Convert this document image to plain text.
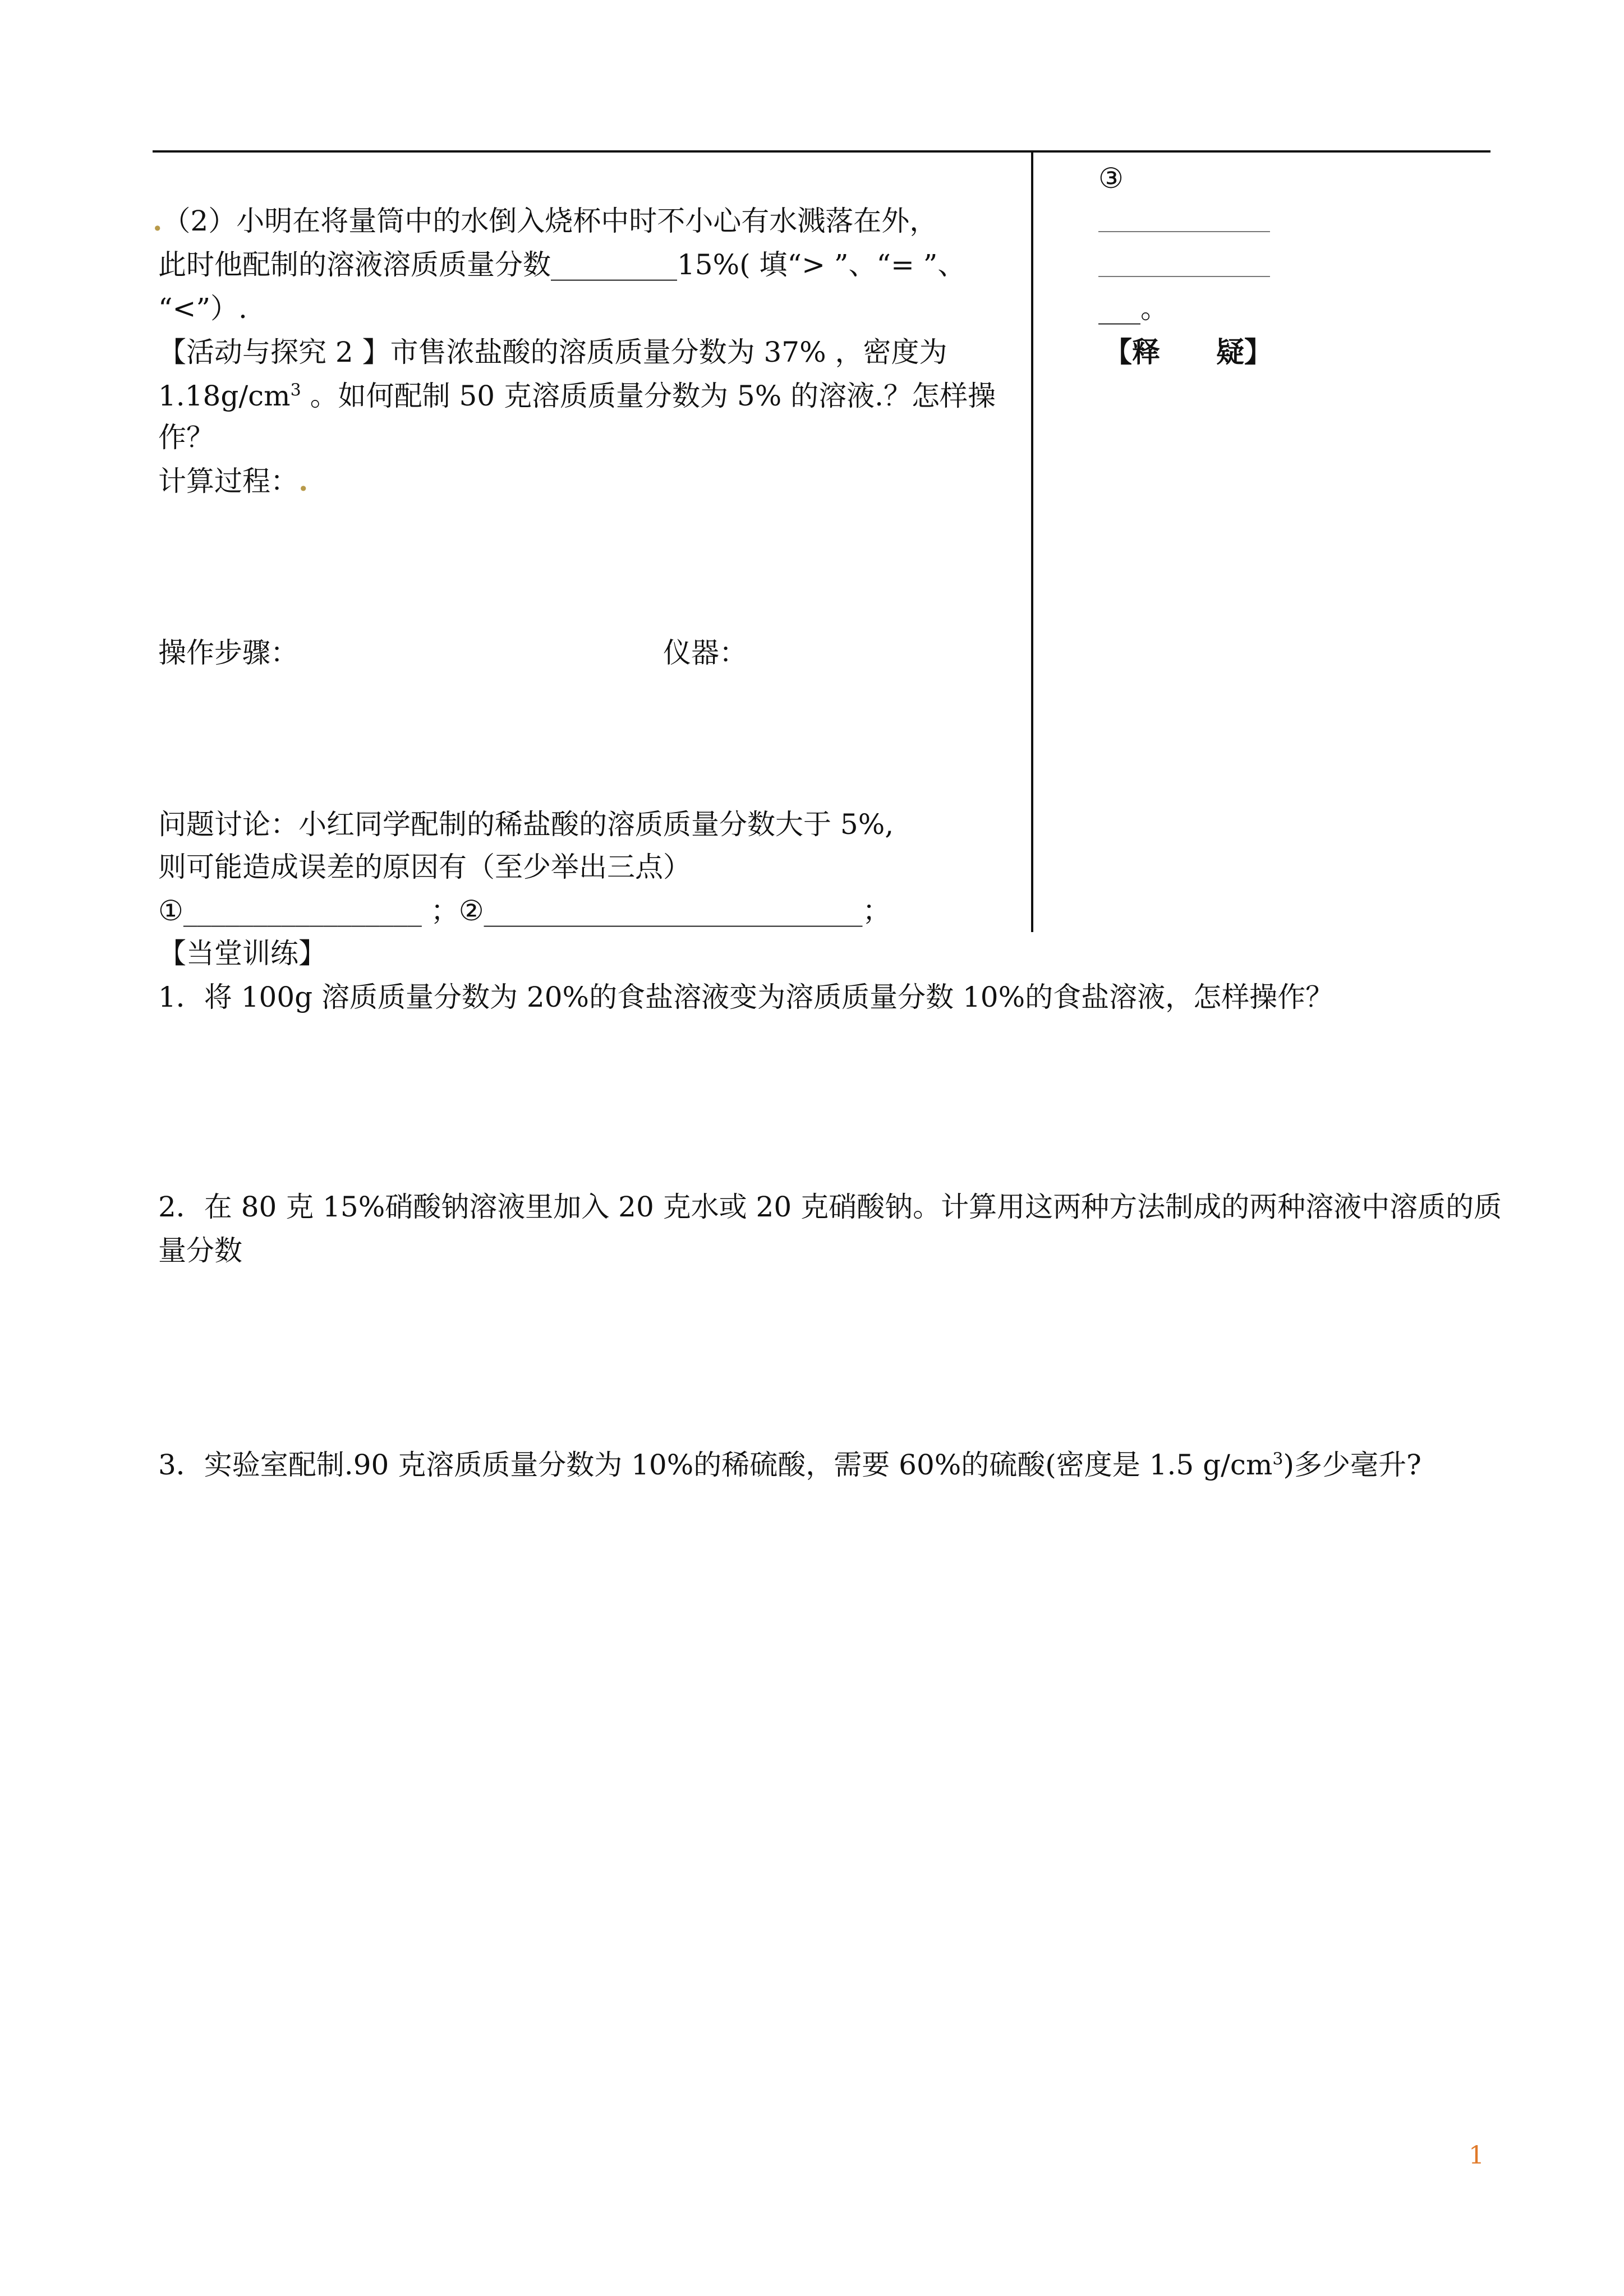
.（2）小明在将量筒中的水倒入烧杯中时不小心有水溅落在外，
此时他配制的溶液溶质质量分数_________15%( 填“> ”、“= ”、
“<”）.
【活动与探究 2 】市售浓盐酸的溶质质量分数为 37% ，密度为
$1.18g/cm^3$ 。如何配制 50 克溶质质量分数为 5% 的溶液.？怎样操
作？
计算过程：.
操作步骤：	仪器：
问题讨论：小红同学配制的稀盐酸的溶质质量分数大于 5%,
则可能造成误差的原因有（至少举出三点）
①_________________ ；②___________________________；
③
___。
【释　　疑】
【当堂训练】
1．将 100g 溶质质量分数为 20%的食盐溶液变为溶质质量分数 10%的食盐溶液，怎样操作？
2．在 80 克 15%硝酸钠溶液里加入 20 克水或 20 克硝酸钠。计算用这两种方法制成的两种溶液中溶质的质
量分数
3．实验室配制.90 克溶质质量分数为 10%的稀硫酸，需要 60%的硫酸(密度是 1.5 $g/cm^3$)多少毫升?
1
